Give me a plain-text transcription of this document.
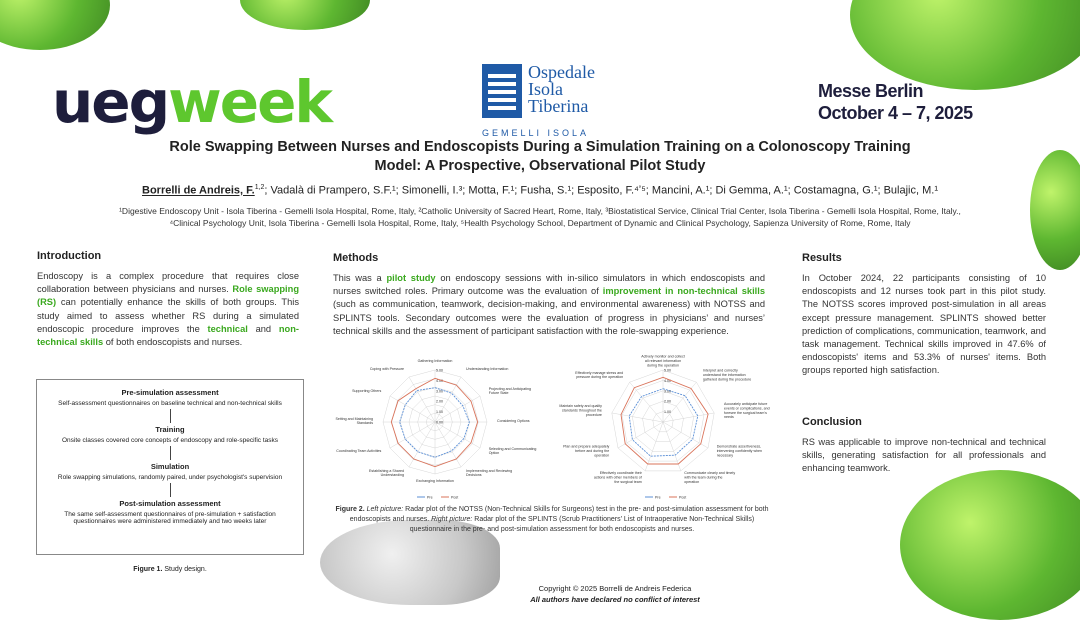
uegweek	Ospedale
Isola
Tiberina
GEMELLI ISOLA
Messe Berlin
October 4 – 7, 2025
Role Swapping Between Nurses and Endoscopists During a Simulation Training on a Colonoscopy Training
Model: A Prospective, Observational Pilot Study
Borrelli de Andreis, F.$^{1,2}$; Vadalà di Prampero, S.F.¹; Simonelli, I.³; Motta, F.¹; Fusha, S.¹; Esposito, F.⁴ʼ⁵; Mancini, A.¹; Di Gemma, A.¹; Costamagna, G.¹; Bulajic, M.¹
¹Digestive Endoscopy Unit - Isola Tiberina - Gemelli Isola Hospital, Rome, Italy, ²Catholic University of Sacred Heart, Rome, Italy, ³Biostatistical Service, Clinical Trial Center, Isola Tiberina - Gemelli Isola Hospital, Rome, Italy.,
⁴Clinical Psychology Unit, Isola Tiberina - Gemelli Isola Hospital, Rome, Italy, ⁵Health Psychology School, Department of Dynamic and Clinical Psychology, Sapienza University of Rome, Rome, Italy
Introduction

Endoscopy is a complex procedure that requires close collaboration between physicians and nurses. Role swapping (RS) can potentially enhance the skills of both groups. This study aimed to assess whether RS during a simulated endoscopic procedure improves the technical and non-technical skills of both endoscopists and nurses.

Pre-simulation assessment
Self-assessment questionnaires on baseline technical and non-technical skills
Training
Onsite classes covered core concepts of endoscopy and role-specific tasks
Simulation
Role swapping simulations, randomly paired, under psychologist's supervision
Post-simulation assessment
The same self-assessment questionnaires of pre-simulation + satisfaction questionnaires were administered immediately and two weeks later
Figure 1. Study design.
Methods

This was a pilot study on endoscopy sessions with in-silico simulators in which endoscopists and nurses switched roles. Primary outcome was the evaluation of improvement in non-technical skills (such as communication, teamwork, decision-making, and environmental awareness) with NOTSS and SPLINTS tools. Secondary outcomes were the evaluation of progress in physicians’ and nurses’ technical skills and the assessment of participant satisfaction with the role-swapping experience.

Gathering Information
Understanding Information
Projecting and Anticipating Future State
Considering Options
Selecting and Communicating Option
Implementing and Reviewing Decisions
Exchanging Information
Establishing a Shared Understanding
Coordinating Team Activities
Setting and Maintaining Standards
Supporting Others
Coping with Pressure
0.00
1.00
2.00
3.00
4.00
5.00
Pre	Post
Actively monitor and collect all relevant information during the operation
Interpret and correctly understand the information gathered during the procedure
Accurately anticipate future events or complications, and foresee the surgical team's needs
Demonstrate assertiveness, intervening confidently when necessary
Communicate clearly and timely with the team during the operation
Effectively coordinate their actions with other members of the surgical team
Plan and prepare adequately before and during the operation
Maintain safety and quality standards throughout the procedure
Effectively manage stress and pressure during the operation
1.00
2.00
3.00
4.00
5.00
Pre	Post
Figure 2. Left picture: Radar plot of the NOTSS (Non-Technical Skills for Surgeons) test in the pre- and post-simulation assessment for both endoscopists and nurses. Right picture: Radar plot of the SPLINTS (Scrub Practitioners' List of Intraoperative Non-Technical Skills) questionnaire in the pre- and post-simulation assessment for both endoscopists and nurses.
Results

In October 2024, 22 participants consisting of 10 endoscopists and 12 nurses took part in this pilot study. The NOTSS scores improved post-simulation in all areas except pressure management. SPLINTS showed better prediction of complications, communication, teamwork, and task management. Technical skills improved in 47.6% of endoscopists' items and 53.3% of nurses' items. Both groups reported high satisfaction.

Conclusion

RS was applicable to improve non-technical and technical skills, generating satisfaction for all professionals and enhancing teamwork.

Copyright © 2025 Borrelli de Andreis Federica
All authors have declared no conflict of interest
